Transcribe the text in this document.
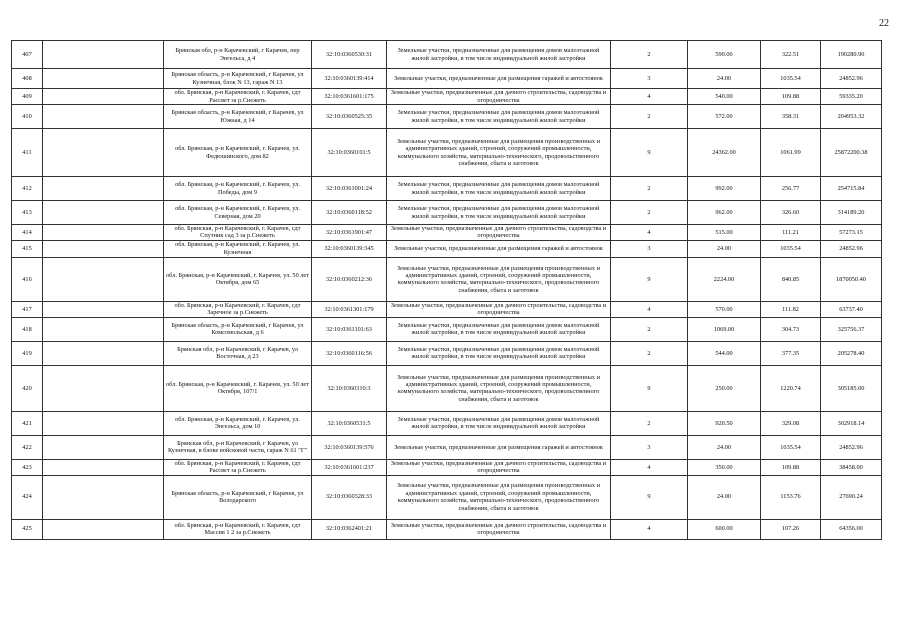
22
407		Брянская обл, р-н Карачевский, г Карачев, пер Энгельса, д 4	32:10:0360530:31	Земельные участки, предназначенные для размещения домов малоэтажной жилой застройки, в том числе индивидуальной жилой застройки	2	590.00	322.51	190280.90
408		Брянская область, р-н Карачевский, г Карачев, ул Кузнечная, блок N 13, гараж N 13	32:10:0360139:414	Земельные участки, предназначенные для размещения гаражей и автостоянок	3	24.00	1035.54	24852.96
409		обл. Брянская, р-н Карачевский, г. Карачев, сдт Рассвет за р.Снежеть	32:10:0361601:175	Земельные участки, предназначенные для дачного строительства, садоводства и огородничества	4	540.00	109.88	59335.20
410		Брянская область, р-н Карачевский, г Карачев, ул Южная, д 14	32:10:0360525:35	Земельные участки, предназначенные для размещения домов малоэтажной жилой застройки, в том числе индивидуальной жилой застройки	2	572.00	358.31	204953.32
411		обл. Брянская, р-н Карачевский, г. Карачев, ул. Федюшинского, дом 82	32:10:0360101:5	Земельные участки, предназначенные для размещения производственных и административных зданий, строений, сооружений промышленности, коммунального хозяйства, материально-технического, продовольственного снабжения, сбыта и заготовок	9	24362.00	1061.99	25872200.38
412		обл. Брянская, р-н Карачевский, г. Карачев, ул. Победы, дом 9	32:10:0361001:24	Земельные участки, предназначенные для размещения домов малоэтажной жилой застройки, в том числе индивидуальной жилой застройки	2	992.00	256.77	254715.84
413		обл. Брянская, р-н Карачевский, г. Карачев, ул. Северная, дом 20	32:10:0360118:52	Земельные участки, предназначенные для размещения домов малоэтажной жилой застройки, в том числе индивидуальной жилой застройки	2	962.00	326.60	314189.20
414		обл. Брянская, р-н Карачевский, г. Карачев, сдт Спутник сад 3 за р.Снежеть	32:10:0361901:47	Земельные участки, предназначенные для дачного строительства, садоводства и огородничества	4	515.00	111.21	57273.15
415		обл. Брянская, р-н Карачевский, г. Карачев, ул. Кузнечная	32:10:0360139:345	Земельные участки, предназначенные для размещения гаражей и автостоянок	3	24.00	1035.54	24852.96
416		обл. Брянская, р-н Карачевский, г. Карачев, ул. 50 лет Октября, дом 65	32:10:0360212:36	Земельные участки, предназначенные для размещения производственных и административных зданий, строений, сооружений промышленности, коммунального хозяйства, материально-технического, продовольственного снабжения, сбыта и заготовок	9	2224.00	840.85	1870050.40
417		обл. Брянская, р-н Карачевский, г. Карачев, сдт Заречное за р.Снежеть	32:10:0361301:179	Земельные участки, предназначенные для дачного строительства, садоводства и огородничества	4	570.00	111.82	63737.40
418		Брянская область, р-н Карачевский, г Карачев, ул Комсомольская, д 6	32:10:0361101:63	Земельные участки, предназначенные для размещения домов малоэтажной жилой застройки, в том числе индивидуальной жилой застройки	2	1069.00	304.73	325756.37
419		Брянская обл, р-н Карачевский, г Карачев, ул Восточная, д 23	32:10:0360116:56	Земельные участки, предназначенные для размещения домов малоэтажной жилой застройки, в том числе индивидуальной жилой застройки	2	544.00	377.35	205278.40
420		обл. Брянская, р-н Карачевский, г. Карачев, ул. 50 лет Октября, 107/1	32:10:0360310:3	Земельные участки, предназначенные для размещения производственных и административных зданий, строений, сооружений промышленности, коммунального хозяйства, материально-технического, продовольственного снабжения, сбыта и заготовок	9	250.00	1220.74	305185.00
421		обл. Брянская, р-н Карачевский, г. Карачев, ул. Энгельса, дом 10	32:10:0360531:5	Земельные участки, предназначенные для размещения домов малоэтажной жилой застройки, в том числе индивидуальной жилой застройки	2	920.50	329.08	302918.14
422		Брянская обл, р-н Карачевский, г Карачев, ул Кузнечная, в блоке войсковой части, гараж N 61 "Г"	32:10:0360139:576	Земельные участки, предназначенные для размещения гаражей и автостоянок	3	24.00	1035.54	24852.96
423		обл. Брянская, р-н Карачевский, г. Карачев, сдт Рассвет за р.Снежеть	32:10:0361601:237	Земельные участки, предназначенные для дачного строительства, садоводства и огородничества	4	350.00	109.88	38458.00
424		Брянская область, р-н Карачевский, г Карачев, ул Володарского	32:10:0360328:33	Земельные участки, предназначенные для размещения производственных и административных зданий, строений, сооружений промышленности, коммунального хозяйства, материально-технического, продовольственного снабжения, сбыта и заготовок	9	24.00	1153.76	27690.24
425		обл. Брянская, р-н Карачевский, г. Карачев, сдт Массив 1 2 за р.Снежеть	32:10:0362401:21	Земельные участки, предназначенные для дачного строительства, садоводства и огородничества	4	600.00	107.26	64356.00
